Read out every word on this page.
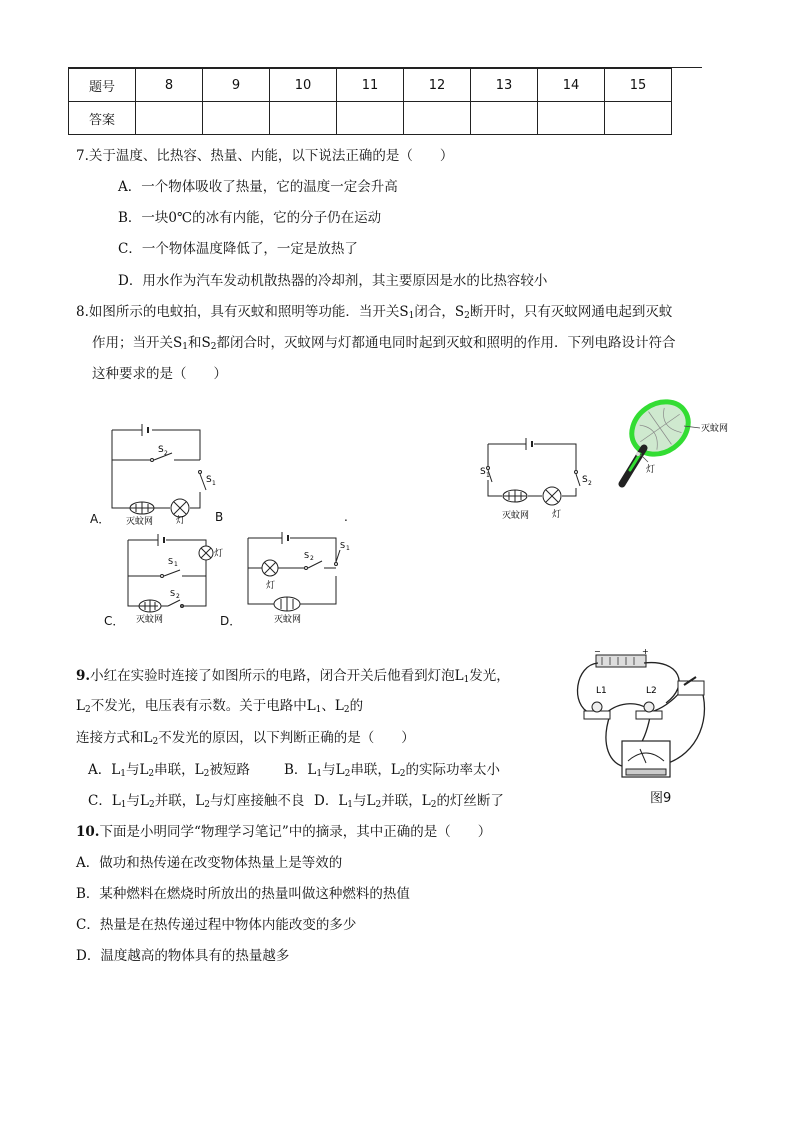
题号	8	9	10	11	12	13	14	15
答案								
7.关于温度、比热容、热量、内能，以下说法正确的是（　　）
A．一个物体吸收了热量，它的温度一定会升高
B．一块0℃的冰有内能，它的分子仍在运动
C．一个物体温度降低了，一定是放热了
D．用水作为汽车发动机散热器的冷却剂，其主要原因是水的比热容较小
8.如图所示的电蚊拍，具有灭蚊和照明等功能．当开关$S_1$闭合，$S_2$断开时，只有灭蚊网通电起到灭蚊
作用；当开关$S_1$和$S_2$都闭合时，灭蚊网与灯都通电同时起到灭蚊和照明的作用．下列电路设计符合
这种要求的是（　　）
S 2
S 1
灭蚊网	灯
A．	B	.
S 1	S 2
灭蚊网	灯
灭蚊网
灯
S 1
S 2
灯
灭蚊网
C．	D．
S 2
S 1
灯
灭蚊网
9.小红在实验时连接了如图所示的电路，闭合开关后他看到灯泡$L_1$发光，
$L_2$不发光，电压表有示数。关于电路中$L_1$、$L_2$的
连接方式和$L_2$不发光的原因，以下判断正确的是（　　）
A．$L_1$与$L_2$串联，$L_2$被短路	B．$L_1$与$L_2$串联，$L_2$的实际功率太小
C．$L_1$与$L_2$并联，$L_2$与灯座接触不良 D．$L_1$与$L_2$并联，$L_2$的灯丝断了
−	+
L1	L2
图9
10.下面是小明同学“物理学习笔记”中的摘录，其中正确的是（　　）
A．做功和热传递在改变物体热量上是等效的
B．某种燃料在燃烧时所放出的热量叫做这种燃料的热值
C．热量是在热传递过程中物体内能改变的多少
D．温度越高的物体具有的热量越多
